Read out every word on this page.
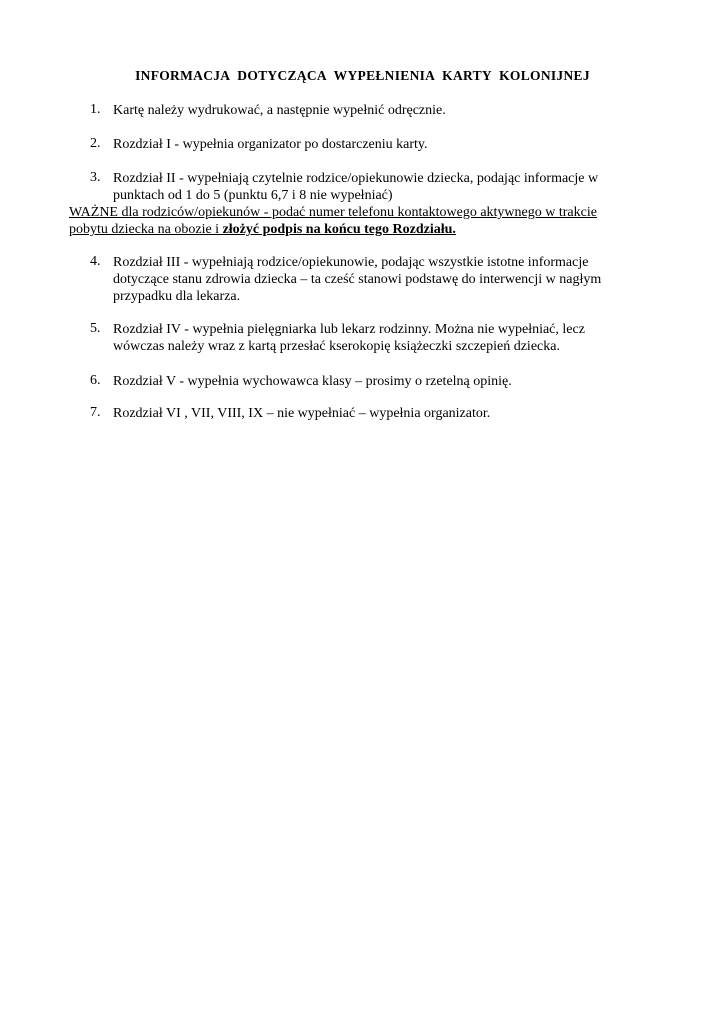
INFORMACJA DOTYCZĄCA WYPEŁNIENIA KARTY KOLONIJNEJ
1. Kartę należy wydrukować, a następnie wypełnić odręcznie.
2. Rozdział I - wypełnia organizator po dostarczeniu karty.
3. Rozdział II - wypełniają czytelnie rodzice/opiekunowie dziecka, podając informacje w
punktach od 1 do 5 (punktu 6,7 i 8 nie wypełniać)
WAŻNE dla rodziców/opiekunów - podać numer telefonu kontaktowego aktywnego w trakcie
pobytu dziecka na obozie i złożyć podpis na końcu tego Rozdziału.
4. Rozdział III - wypełniają rodzice/opiekunowie, podając wszystkie istotne informacje
dotyczące stanu zdrowia dziecka – ta cześć stanowi podstawę do interwencji w nagłym
przypadku dla lekarza.
5. Rozdział IV - wypełnia pielęgniarka lub lekarz rodzinny. Można nie wypełniać, lecz
wówczas należy wraz z kartą przesłać kserokopię książeczki szczepień dziecka.
6. Rozdział V - wypełnia wychowawca klasy – prosimy o rzetelną opinię.
7. Rozdział VI , VII, VIII, IX – nie wypełniać – wypełnia organizator.
